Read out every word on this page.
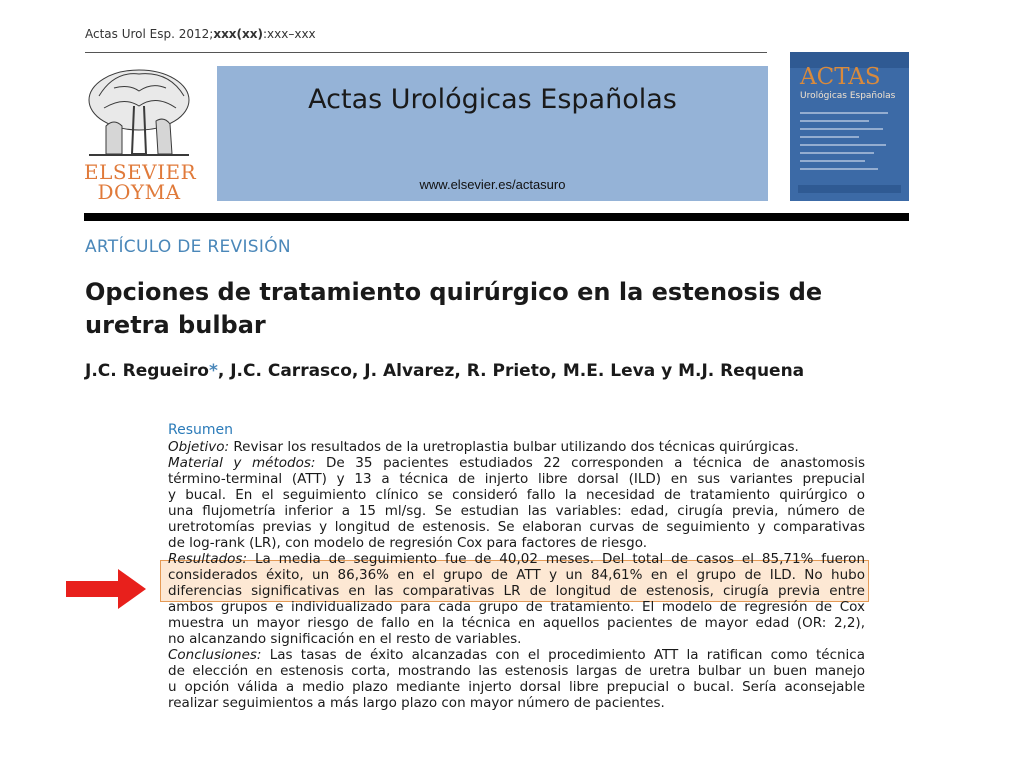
Actas Urol Esp. 2012;xxx(xx):xxx–xxx
ELSEVIER
DOYMA
Actas Urológicas Españolas
www.elsevier.es/actasuro
ACTAS
Urológicas Españolas
ARTÍCULO DE REVISIÓN
Opciones de tratamiento quirúrgico en la estenosis de uretra bulbar
J.C. Regueiro*, J.C. Carrasco, J. Alvarez, R. Prieto, M.E. Leva y M.J. Requena
Resumen
Objetivo: Revisar los resultados de la uretroplastia bulbar utilizando dos técnicas quirúrgicas.
Material y métodos: De 35 pacientes estudiados 22 corresponden a técnica de anastomosis
término-terminal (ATT) y 13 a técnica de injerto libre dorsal (ILD) en sus variantes prepucial
y bucal. En el seguimiento clínico se consideró fallo la necesidad de tratamiento quirúrgico o
una flujometría inferior a 15 ml/sg. Se estudian las variables: edad, cirugía previa, número de
uretrotomías previas y longitud de estenosis. Se elaboran curvas de seguimiento y comparativas
de log-rank (LR), con modelo de regresión Cox para factores de riesgo.
Resultados: La media de seguimiento fue de 40,02 meses. Del total de casos el 85,71% fueron
considerados éxito, un 86,36% en el grupo de ATT y un 84,61% en el grupo de ILD. No hubo
diferencias significativas en las comparativas LR de longitud de estenosis, cirugía previa entre
ambos grupos e individualizado para cada grupo de tratamiento. El modelo de regresión de Cox
muestra un mayor riesgo de fallo en la técnica en aquellos pacientes de mayor edad (OR: 2,2),
no alcanzando significación en el resto de variables.
Conclusiones: Las tasas de éxito alcanzadas con el procedimiento ATT la ratifican como técnica
de elección en estenosis corta, mostrando las estenosis largas de uretra bulbar un buen manejo
u opción válida a medio plazo mediante injerto dorsal libre prepucial o bucal. Sería aconsejable
realizar seguimientos a más largo plazo con mayor número de pacientes.
